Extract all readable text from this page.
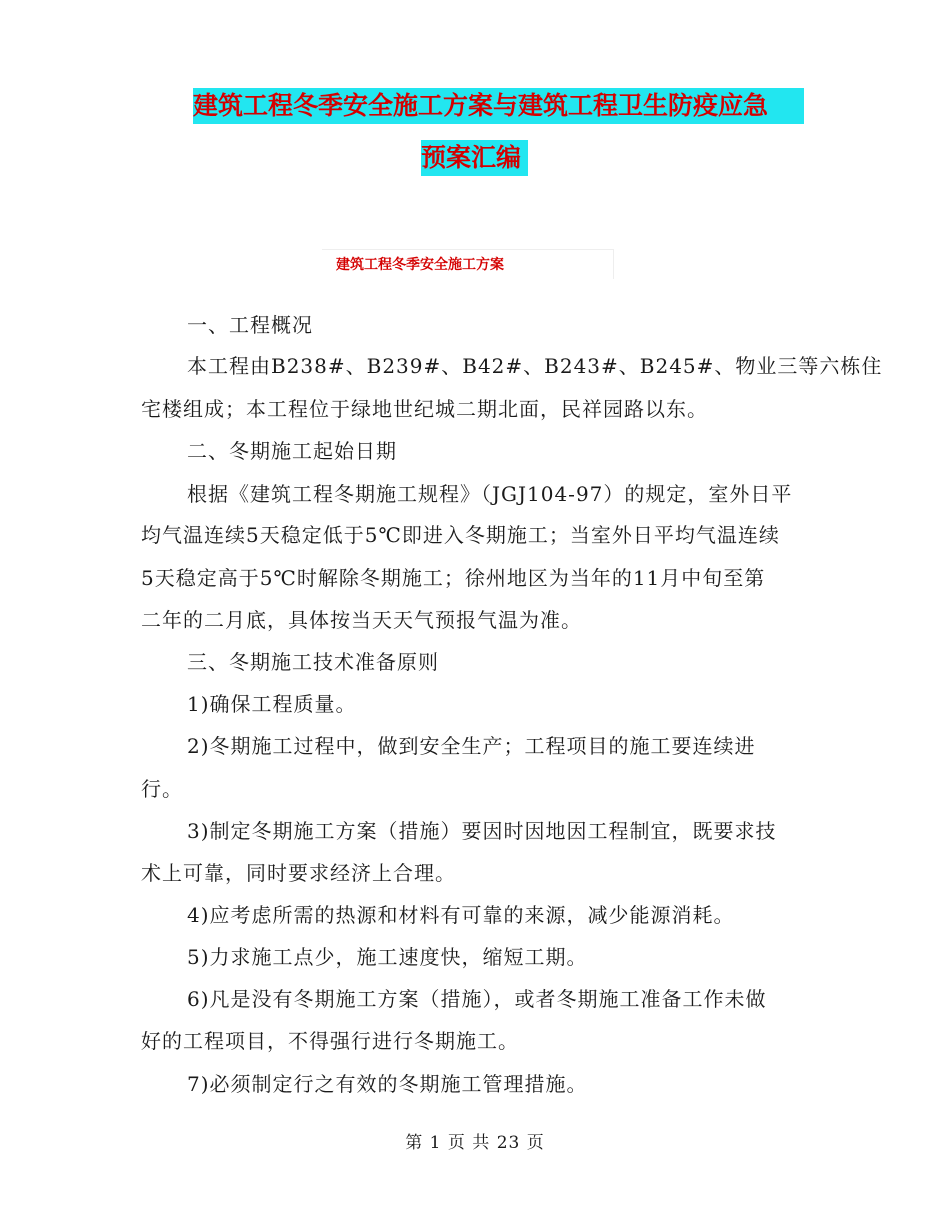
建筑工程冬季安全施工方案与建筑工程卫生防疫应急
预案汇编
建筑工程冬季安全施工方案
一、工程概况
本工程由B238#、B239#、B42#、B243#、B245#、物业三等六栋住
宅楼组成；本工程位于绿地世纪城二期北面，民祥园路以东。
二、冬期施工起始日期
根据《建筑工程冬期施工规程》（JGJ104-97）的规定，室外日平
均气温连续5天稳定低于5℃即进入冬期施工；当室外日平均气温连续
5天稳定高于5℃时解除冬期施工；徐州地区为当年的11月中旬至第
二年的二月底，具体按当天天气预报气温为准。
三、冬期施工技术准备原则
1)确保工程质量。
2)冬期施工过程中，做到安全生产；工程项目的施工要连续进
行。
3)制定冬期施工方案（措施）要因时因地因工程制宜，既要求技
术上可靠，同时要求经济上合理。
4)应考虑所需的热源和材料有可靠的来源，减少能源消耗。
5)力求施工点少，施工速度快，缩短工期。
6)凡是没有冬期施工方案（措施），或者冬期施工准备工作未做
好的工程项目，不得强行进行冬期施工。
7)必须制定行之有效的冬期施工管理措施。
第 1 页 共 23 页
